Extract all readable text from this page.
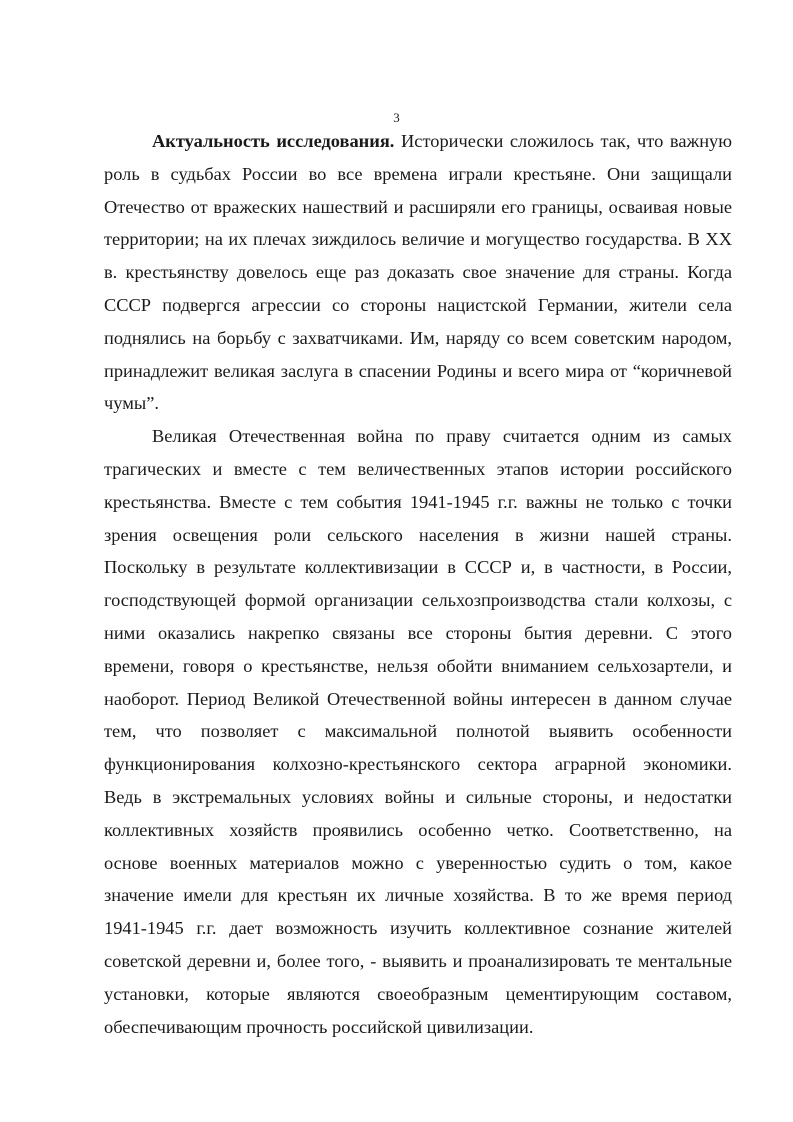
3
Актуальность исследования. Исторически сложилось так, что важную
роль в судьбах России во все времена играли крестьяне. Они защищали
Отечество от вражеских нашествий и расширяли его границы, осваивая новые
территории; на их плечах зиждилось величие и могущество государства. В XX
в. крестьянству довелось еще раз доказать свое значение для страны. Когда
СССР подвергся агрессии со стороны нацистской Германии, жители села
поднялись на борьбу с захватчиками. Им, наряду со всем советским народом,
принадлежит великая заслуга в спасении Родины и всего мира от “коричневой
чумы”.
Великая Отечественная война по праву считается одним из самых
трагических и вместе с тем величественных этапов истории российского
крестьянства. Вместе с тем события 1941-1945 г.г. важны не только с точки
зрения освещения роли сельского населения в жизни нашей страны.
Поскольку в результате коллективизации в СССР и, в частности, в России,
господствующей формой организации сельхозпроизводства стали колхозы, с
ними оказались накрепко связаны все стороны бытия деревни. С этого
времени, говоря о крестьянстве, нельзя обойти вниманием сельхозартели, и
наоборот. Период Великой Отечественной войны интересен в данном случае
тем, что позволяет с максимальной полнотой выявить особенности
функционирования колхозно-крестьянского сектора аграрной экономики.
Ведь в экстремальных условиях войны и сильные стороны, и недостатки
коллективных хозяйств проявились особенно четко. Соответственно, на
основе военных материалов можно с уверенностью судить о том, какое
значение имели для крестьян их личные хозяйства. В то же время период
1941-1945 г.г. дает возможность изучить коллективное сознание жителей
советской деревни и, более того, - выявить и проанализировать те ментальные
установки, которые являются своеобразным цементирующим составом,
обеспечивающим прочность российской цивилизации.
